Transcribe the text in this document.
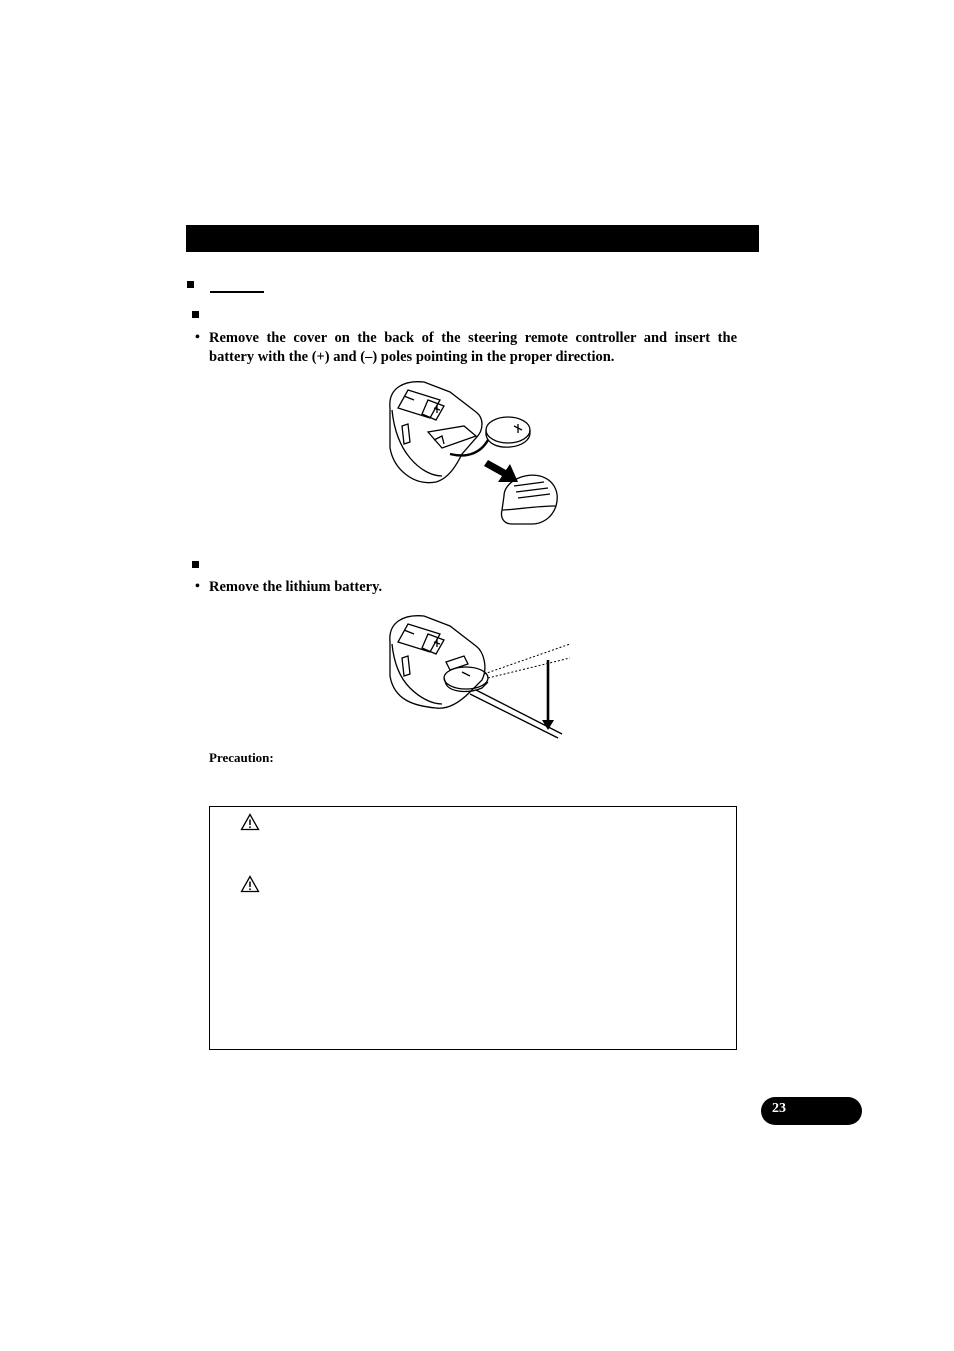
• Remove the cover on the back of the steering remote controller and insert the
battery with the (+) and (–) poles pointing in the proper direction.
• Remove the lithium battery.
Precaution:
23
